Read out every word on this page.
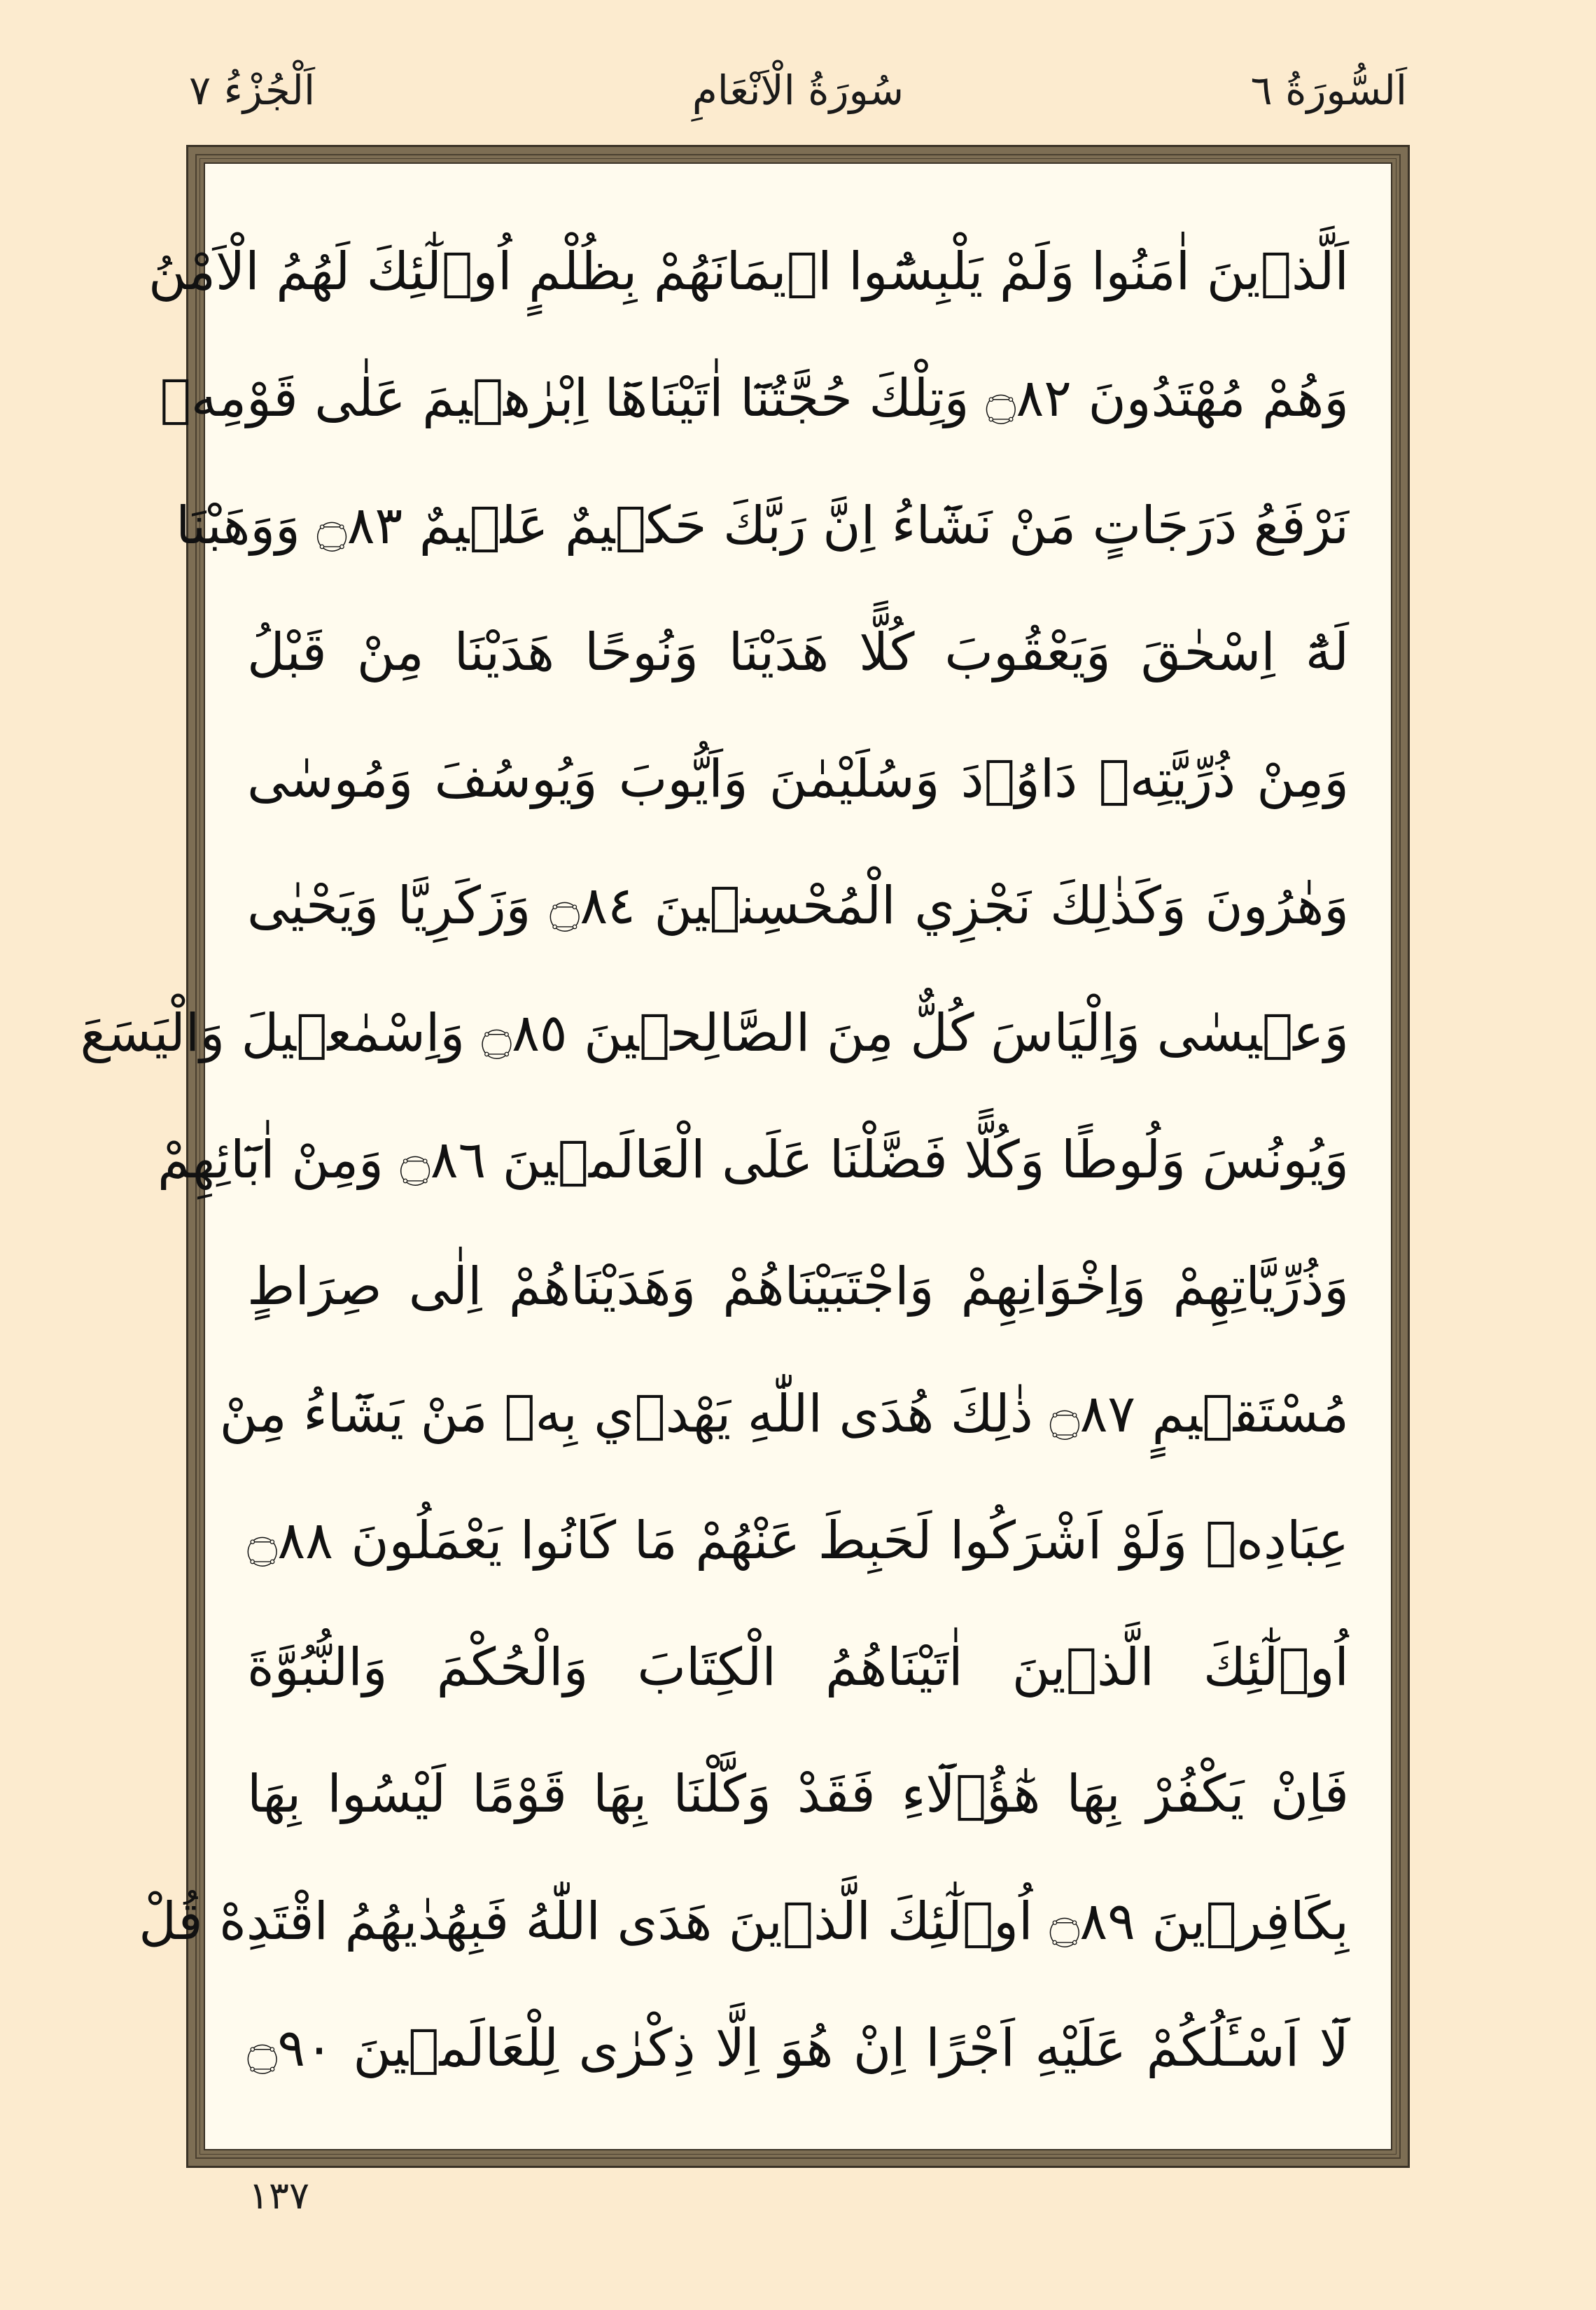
اَلسُّورَةُ ٦
سُورَةُ الْاَنْعَامِ
اَلْجُزْءُ ٧
اَلَّذ۪ينَ اٰمَنُوا وَلَمْ يَلْبِسُٓوا ا۪يمَانَهُمْ بِظُلْمٍ اُو۬لٰٓئِكَ لَهُمُ الْاَمْنُ
وَهُمْ مُهْتَدُونَ ۝٨٢ وَتِلْكَ حُجَّتُنَٓا اٰتَيْنَاهَٓا اِبْرٰه۪يمَ عَلٰى قَوْمِه۪
نَرْفَعُ دَرَجَاتٍ مَنْ نَشَٓاءُ اِنَّ رَبَّكَ حَك۪يمٌ عَل۪يمٌ ۝٨٣ وَوَهَبْنَا
لَهُٓ اِسْحٰقَ وَيَعْقُوبَ كُلًّا هَدَيْنَا وَنُوحًا هَدَيْنَا مِنْ قَبْلُ
وَمِنْ ذُرِّيَّتِه۪ دَاوُ۫دَ وَسُلَيْمٰنَ وَاَيُّوبَ وَيُوسُفَ وَمُوسٰى
وَهٰرُونَ وَكَذٰلِكَ نَجْزِي الْمُحْسِن۪ينَ ۝٨٤ وَزَكَرِيَّا وَيَحْيٰى
وَع۪يسٰى وَاِلْيَاسَ كُلٌّ مِنَ الصَّالِح۪ينَ ۝٨٥ وَاِسْمٰع۪يلَ وَالْيَسَعَ
وَيُونُسَ وَلُوطًا وَكُلًّا فَضَّلْنَا عَلَى الْعَالَم۪ينَ ۝٨٦ وَمِنْ اٰبَٓائِهِمْ
وَذُرِّيَّاتِهِمْ وَاِخْوَانِهِمْ وَاجْتَبَيْنَاهُمْ وَهَدَيْنَاهُمْ اِلٰى صِرَاطٍ
مُسْتَق۪يمٍ ۝٨٧ ذٰلِكَ هُدَى اللّٰهِ يَهْد۪ي بِه۪ مَنْ يَشَٓاءُ مِنْ
عِبَادِه۪ وَلَوْ اَشْرَكُوا لَحَبِطَ عَنْهُمْ مَا كَانُوا يَعْمَلُونَ ۝٨٨
اُو۬لٰٓئِكَ الَّذ۪ينَ اٰتَيْنَاهُمُ الْكِتَابَ وَالْحُكْمَ وَالنُّبُوَّةَ
فَاِنْ يَكْفُرْ بِهَا هٰٓؤُ۬لَٓاءِ فَقَدْ وَكَّلْنَا بِهَا قَوْمًا لَيْسُوا بِهَا
بِكَافِر۪ينَ ۝٨٩ اُو۬لٰٓئِكَ الَّذ۪ينَ هَدَى اللّٰهُ فَبِهُدٰيهُمُ اقْتَدِهْ قُلْ
لَٓا اَسْـَٔلُكُمْ عَلَيْهِ اَجْرًا اِنْ هُوَ اِلَّا ذِكْرٰى لِلْعَالَم۪ينَ ۝٩٠
١٣٧
